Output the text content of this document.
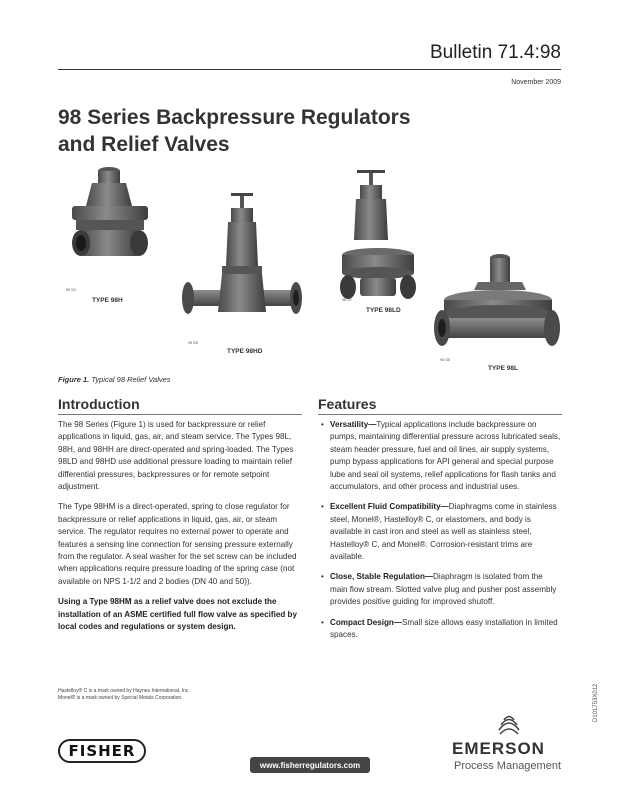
Bulletin 71.4:98
November 2009
98 Series Backpressure Regulators
and Relief Valves
98 'D0
TYPE 98H
98 'D8
TYPE 98HD
98 'D7
TYPE 98LD
98 'D8
TYPE 98L
Figure 1. Typical 98 Relief Valves
Introduction

The 98 Series (Figure 1) is used for backpressure or relief applications in liquid, gas, air, and steam service. The Types 98L, 98H, and 98HH are direct-operated and spring-loaded. The Types 98LD and 98HD use additional pressure loading to maintain relief differential pressures, backpressures or for remote setpoint adjustment.

The Type 98HM is a direct-operated, spring to close regulator for backpressure or relief applications in liquid, gas, air, or steam service. The regulator requires no external power to operate and features a sensing line connection for sensing pressure externally from the regulator. A seal washer for the set screw can be included when applications require pressure loading of the spring case (not available on NPS 1-1/2 and 2 bodies (DN 40 and 50)).

Using a Type 98HM as a relief valve does not exclude the installation of an ASME certified full flow valve as specified by local codes and regulations or system design.

Features
• Versatility—Typical applications include backpressure on pumps, maintaining differential pressure across lubricated seals, steam header pressure, fuel and oil lines, air supply systems, pump bypass applications for API general and special purpose lube and seal oil systems, relief applications for flash tanks and accumulators, and other process and industrial uses.
• Excellent Fluid Compatibility—Diaphragms come in stainless steel, Monel®, Hastelloy® C, or elastomers, and body is available in cast iron and steel as well as stainless steel, Hastelloy® C, and Monel®. Corrosion-resistant trims are available.
• Close, Stable Regulation—Diaphragm is isolated from the main flow stream. Slotted valve plug and pusher post assembly provides positive guiding for improved shutoff.
• Compact Design—Small size allows easy installation in limited spaces.
Hastelloy® C is a mark owned by Haynes International, Inc.
Monel® is a mark owned by Special Metals Corporation.	D101753X012
FISHER
www.fisherregulators.com
EMERSON
Process Management
